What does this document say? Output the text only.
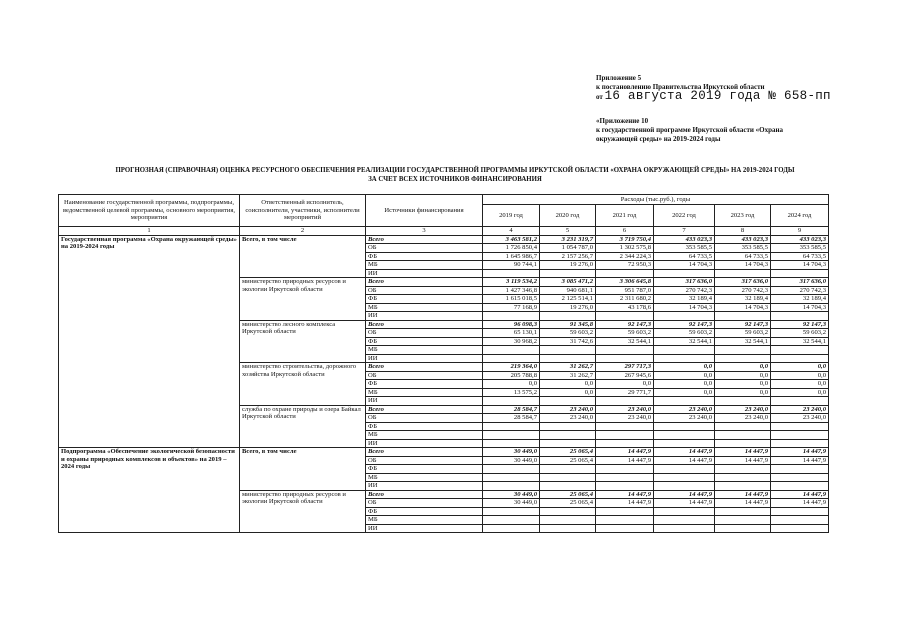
Приложение 5
к постановлению Правительства Иркутской области
от 16 августа 2019 года № 658-пп
«Приложение 10
к государственной программе Иркутской области «Охрана
окружающей среды» на 2019-2024 годы
ПРОГНОЗНАЯ (СПРАВОЧНАЯ) ОЦЕНКА РЕСУРСНОГО ОБЕСПЕЧЕНИЯ РЕАЛИЗАЦИИ ГОСУДАРСТВЕННОЙ ПРОГРАММЫ ИРКУТСКОЙ ОБЛАСТИ «ОХРАНА ОКРУЖАЮЩЕЙ СРЕДЫ» НА 2019-2024 ГОДЫ
ЗА СЧЕТ ВСЕХ ИСТОЧНИКОВ ФИНАНСИРОВАНИЯ
Наименование государственной программы, подпрограммы, ведомственной целевой программы, основного мероприятия, мероприятия	Ответственный исполнитель, соисполнители, участники, исполнители мероприятий	Источники финансирования	Расходы (тыс.руб.), годы					
			2019 год	2020 год	2021 год	2022 год	2023 год	2024 год
1	2	3	4	5	6	7	8	9
Государственная программа «Охрана окружающей среды» на 2019-2024 годы	Всего, в том числе	Всего	3 463 581,2	3 231 319,7	3 719 750,4	433 023,3	433 023,3	433 023,3
		ОБ	1 726 850,4	1 054 787,0	1 302 575,8	353 585,5	353 585,5	353 585,5
		ФБ	1 645 986,7	2 157 256,7	2 344 224,3	64 733,5	64 733,5	64 733,5
		МБ	90 744,1	19 276,0	72 950,3	14 704,3	14 704,3	14 704,3
		ИИ						
	министерство природных ресурсов и экологии Иркутской области	Всего	3 119 534,2	3 085 471,2	3 306 645,8	317 636,0	317 636,0	317 636,0
		ОБ	1 427 346,8	940 681,1	951 787,0	270 742,3	270 742,3	270 742,3
		ФБ	1 615 018,5	2 125 514,1	2 311 680,2	32 189,4	32 189,4	32 189,4
		МБ	77 168,9	19 276,0	43 178,6	14 704,3	14 704,3	14 704,3
		ИИ						
	министерство лесного комплекса Иркутской области	Всего	96 098,3	91 345,8	92 147,3	92 147,3	92 147,3	92 147,3
		ОБ	65 130,1	59 603,2	59 603,2	59 603,2	59 603,2	59 603,2
		ФБ	30 968,2	31 742,6	32 544,1	32 544,1	32 544,1	32 544,1
		МБ						
		ИИ						
	министерство строительства, дорожного хозяйства Иркутской области	Всего	219 364,0	31 262,7	297 717,3	0,0	0,0	0,0
		ОБ	205 788,8	31 262,7	267 945,6	0,0	0,0	0,0
		ФБ	0,0	0,0	0,0	0,0	0,0	0,0
		МБ	13 575,2	0,0	29 771,7	0,0	0,0	0,0
		ИИ						
	служба по охране природы и озера Байкал Иркутской области	Всего	28 584,7	23 240,0	23 240,0	23 240,0	23 240,0	23 240,0
		ОБ	28 584,7	23 240,0	23 240,0	23 240,0	23 240,0	23 240,0
		ФБ						
		МБ						
		ИИ						
Подпрограмма «Обеспечение экологической безопасности и охраны природных комплексов и объектов» на 2019 – 2024 годы	Всего, в том числе	Всего	30 449,0	25 065,4	14 447,9	14 447,9	14 447,9	14 447,9
		ОБ	30 449,0	25 065,4	14 447,9	14 447,9	14 447,9	14 447,9
		ФБ						
		МБ						
		ИИ						
	министерство природных ресурсов и экологии Иркутской области	Всего	30 449,0	25 065,4	14 447,9	14 447,9	14 447,9	14 447,9
		ОБ	30 449,0	25 065,4	14 447,9	14 447,9	14 447,9	14 447,9
		ФБ						
		МБ						
		ИИ						
